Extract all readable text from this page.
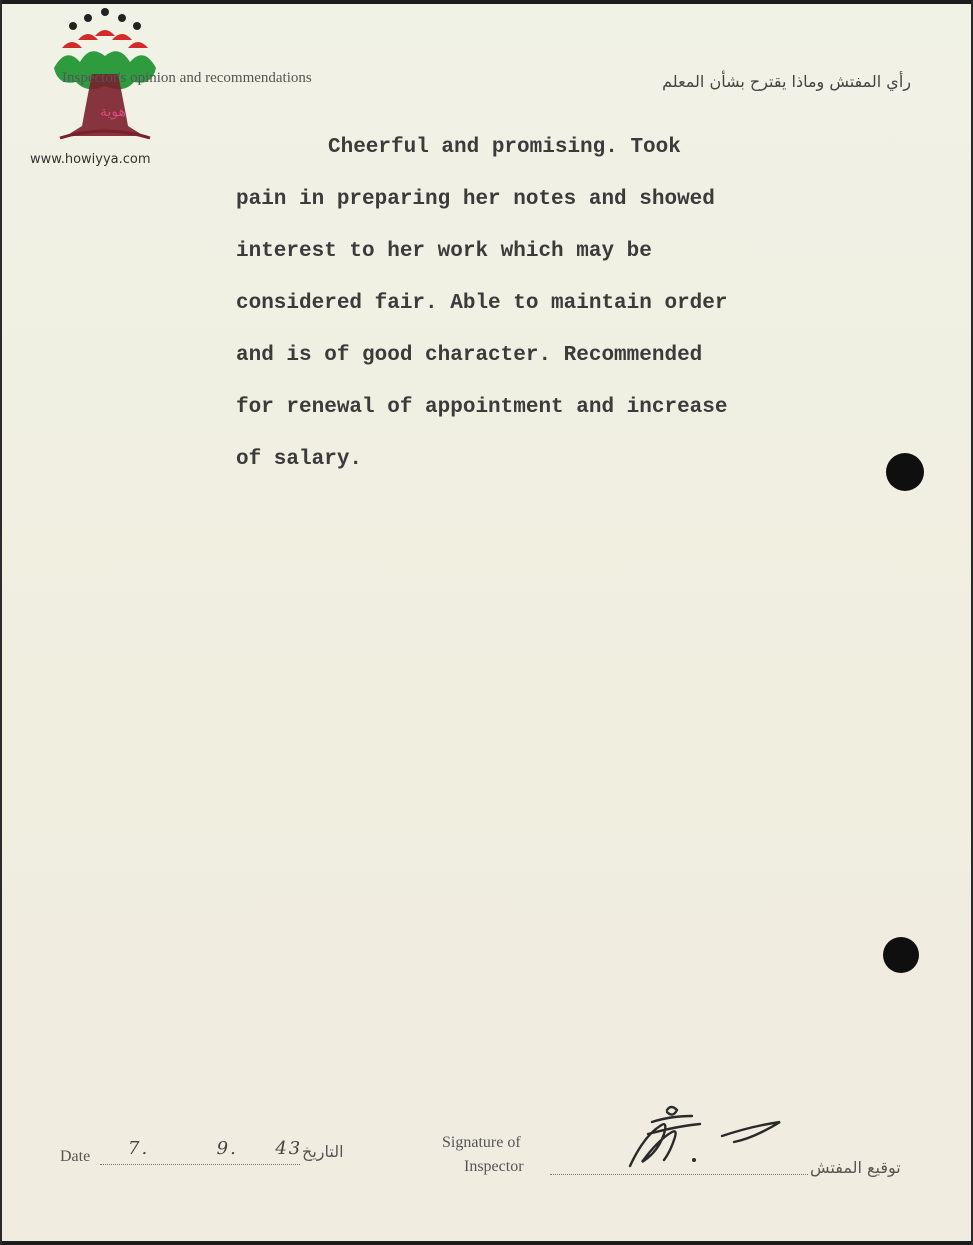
ﻫﻮﻳﺔ
www.howiyya.com
Inspector's opinion and recommendations	رأي المفتش وماذا يقترح بشأن المعلم
Cheerful and promising. Took
pain in preparing her notes and showed
interest to her work which may be
considered fair. Able to maintain order
and is of good character. Recommended
for renewal of appointment and increase
of salary.
Date 7.	9. 43 التاريخ	Signature of
Inspector	توقيع المفتش
